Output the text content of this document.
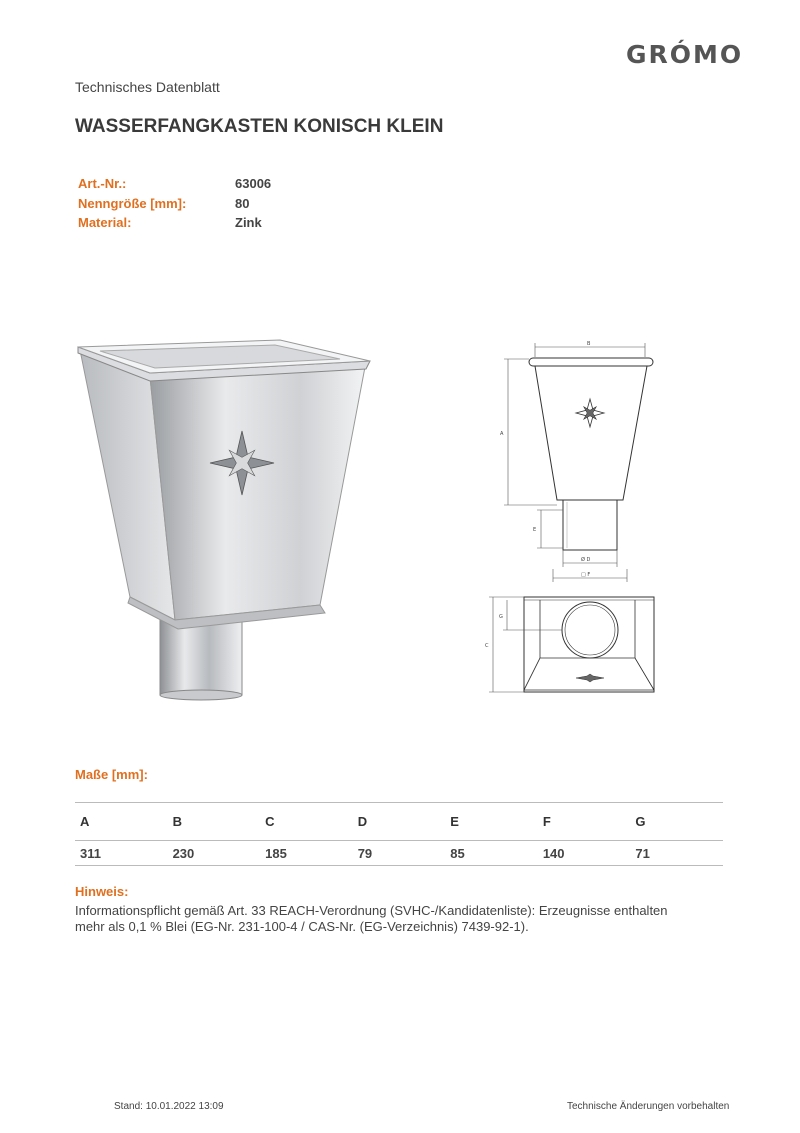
GRÓMO
Technisches Datenblatt
WASSERFANGKASTEN KONISCH KLEIN
Art.-Nr.:	63006
Nenngröße [mm]:	80
Material:	Zink
B
A
E
Ø D
□ F
C
G
Maße [mm]:
A	B	C	D	E	F	G
311	230	185	79	85	140	71
Hinweis:
Informationspflicht gemäß Art. 33 REACH-Verordnung (SVHC-/Kandidatenliste): Erzeugnisse enthalten
mehr als 0,1 % Blei (EG-Nr. 231-100-4 / CAS-Nr. (EG-Verzeichnis) 7439-92-1).
Stand: 10.01.2022 13:09	Technische Änderungen vorbehalten
